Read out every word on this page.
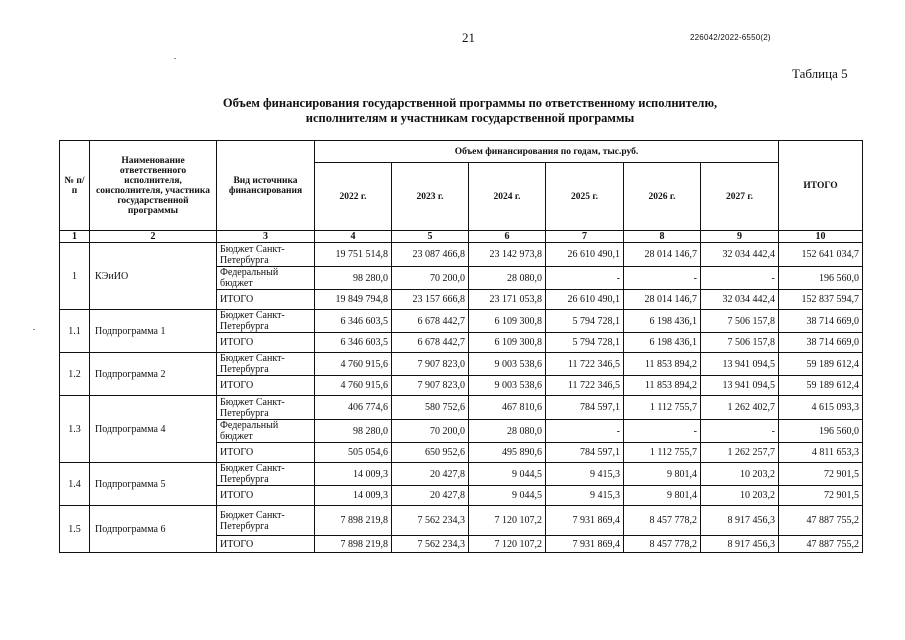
21	226042/2022-6550(2)
Таблица 5
Объем финансирования государственной программы по ответственному исполнителю,
исполнителям и участникам государственной программы
№ п/п	Наименование ответственного исполнителя, соисполнителя, участника государственной программы	Вид источника финансирования	Объем финансирования по годам, тыс.руб.						ИТОГО
			2022 г.	2023 г.	2024 г.	2025 г.	2026 г.	2027 г.	
1	2	3	4	5	6	7	8	9	10
1	КЭиИО	Бюджет Санкт-Петербурга	19 751 514,8	23 087 466,8	23 142 973,8	26 610 490,1	28 014 146,7	32 034 442,4	152 641 034,7
		Федеральный бюджет	98 280,0	70 200,0	28 080,0	-	-	-	196 560,0
		ИТОГО	19 849 794,8	23 157 666,8	23 171 053,8	26 610 490,1	28 014 146,7	32 034 442,4	152 837 594,7
1.1	Подпрограмма 1	Бюджет Санкт-Петербурга	6 346 603,5	6 678 442,7	6 109 300,8	5 794 728,1	6 198 436,1	7 506 157,8	38 714 669,0
		ИТОГО	6 346 603,5	6 678 442,7	6 109 300,8	5 794 728,1	6 198 436,1	7 506 157,8	38 714 669,0
1.2	Подпрограмма 2	Бюджет Санкт-Петербурга	4 760 915,6	7 907 823,0	9 003 538,6	11 722 346,5	11 853 894,2	13 941 094,5	59 189 612,4
		ИТОГО	4 760 915,6	7 907 823,0	9 003 538,6	11 722 346,5	11 853 894,2	13 941 094,5	59 189 612,4
1.3	Подпрограмма 4	Бюджет Санкт-Петербурга	406 774,6	580 752,6	467 810,6	784 597,1	1 112 755,7	1 262 402,7	4 615 093,3
		Федеральный бюджет	98 280,0	70 200,0	28 080,0	-	-	-	196 560,0
		ИТОГО	505 054,6	650 952,6	495 890,6	784 597,1	1 112 755,7	1 262 257,7	4 811 653,3
1.4	Подпрограмма 5	Бюджет Санкт-Петербурга	14 009,3	20 427,8	9 044,5	9 415,3	9 801,4	10 203,2	72 901,5
		ИТОГО	14 009,3	20 427,8	9 044,5	9 415,3	9 801,4	10 203,2	72 901,5
1.5	Подпрограмма 6	Бюджет Санкт-Петербурга	7 898 219,8	7 562 234,3	7 120 107,2	7 931 869,4	8 457 778,2	8 917 456,3	47 887 755,2
		ИТОГО	7 898 219,8	7 562 234,3	7 120 107,2	7 931 869,4	8 457 778,2	8 917 456,3	47 887 755,2
